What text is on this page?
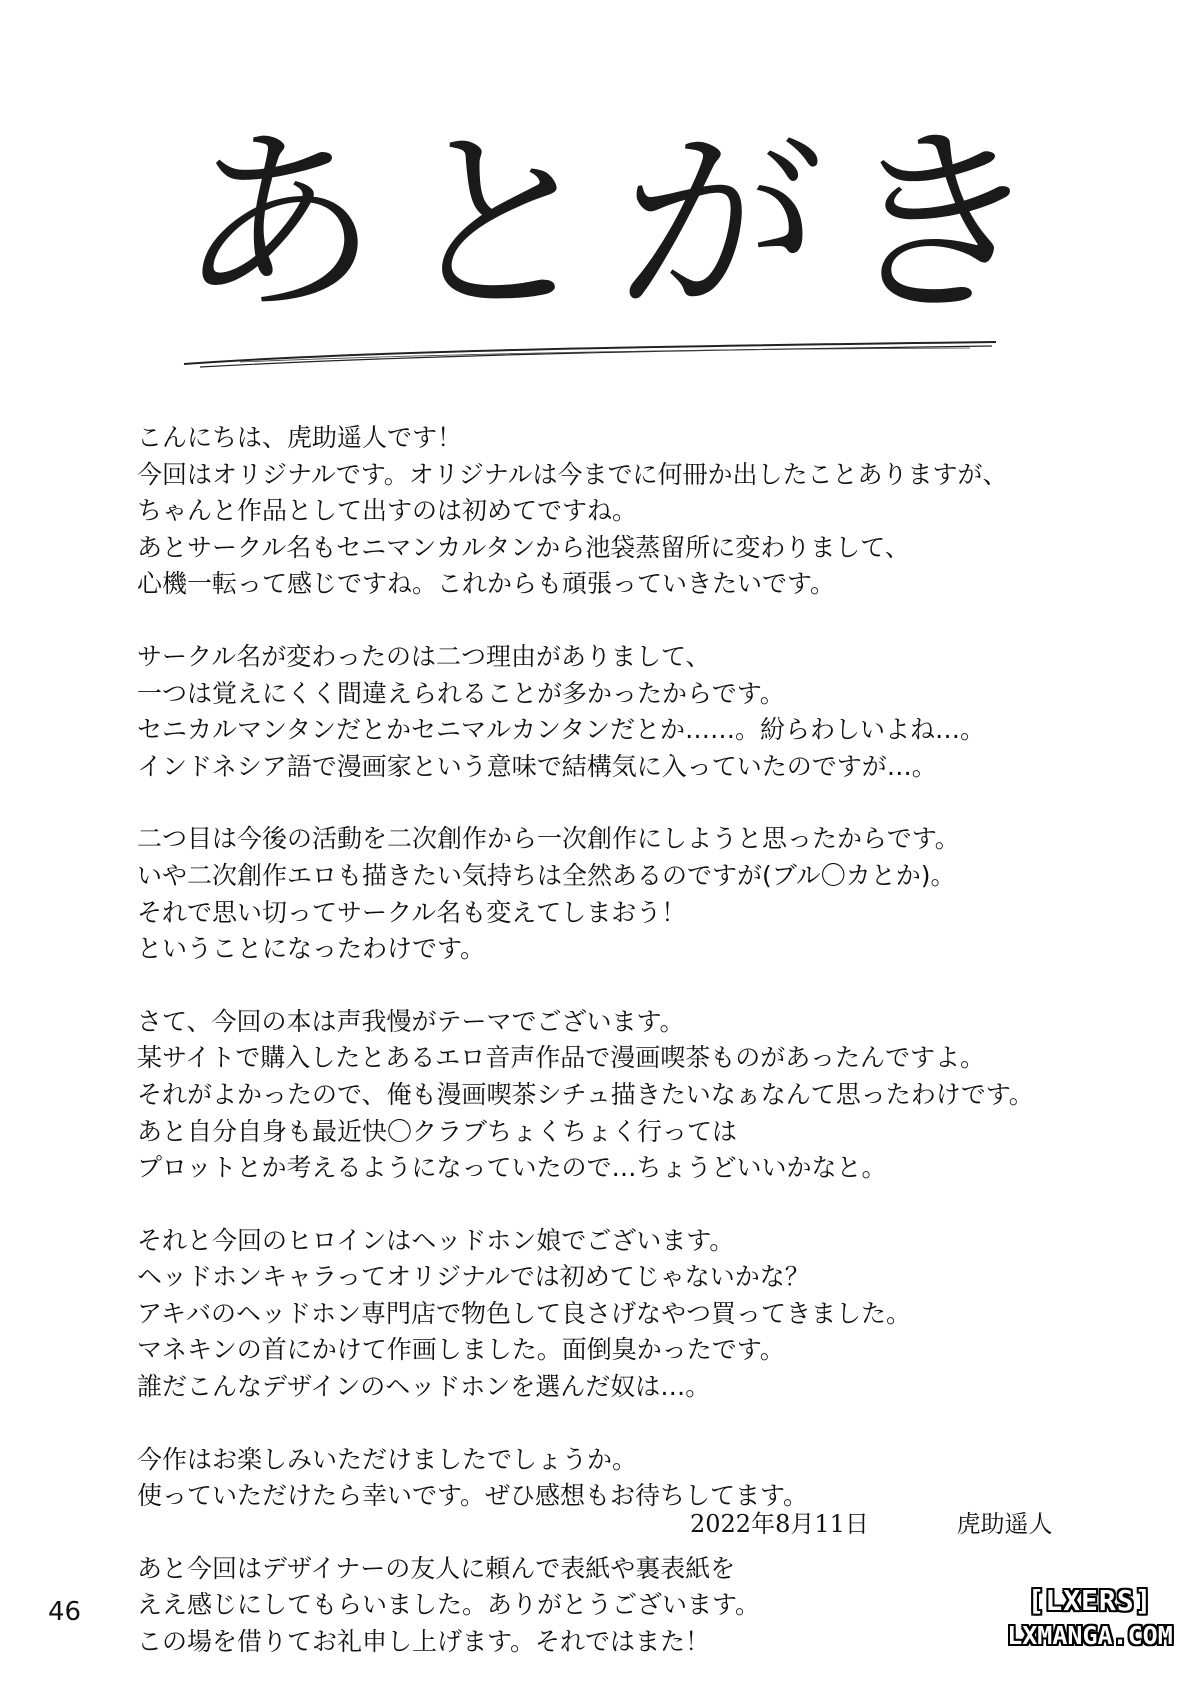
あとがき
こんにちは、虎助遥人です！
今回はオリジナルです。オリジナルは今までに何冊か出したことありますが、
ちゃんと作品として出すのは初めてですね。
あとサークル名もセニマンカルタンから池袋蒸留所に変わりまして、
心機一転って感じですね。これからも頑張っていきたいです。
サークル名が変わったのは二つ理由がありまして、
一つは覚えにくく間違えられることが多かったからです。
セニカルマンタンだとかセニマルカンタンだとか……。紛らわしいよね…。
インドネシア語で漫画家という意味で結構気に入っていたのですが…。
二つ目は今後の活動を二次創作から一次創作にしようと思ったからです。
いや二次創作エロも描きたい気持ちは全然あるのですが(ブル〇カとか)。
それで思い切ってサークル名も変えてしまおう！
ということになったわけです。
さて、今回の本は声我慢がテーマでございます。
某サイトで購入したとあるエロ音声作品で漫画喫茶ものがあったんですよ。
それがよかったので、俺も漫画喫茶シチュ描きたいなぁなんて思ったわけです。
あと自分自身も最近快〇クラブちょくちょく行っては
プロットとか考えるようになっていたので…ちょうどいいかなと。
それと今回のヒロインはヘッドホン娘でございます。
ヘッドホンキャラってオリジナルでは初めてじゃないかな？
アキバのヘッドホン専門店で物色して良さげなやつ買ってきました。
マネキンの首にかけて作画しました。面倒臭かったです。
誰だこんなデザインのヘッドホンを選んだ奴は…。
今作はお楽しみいただけましたでしょうか。
使っていただけたら幸いです。ぜひ感想もお待ちしてます。
あと今回はデザイナーの友人に頼んで表紙や裏表紙を
ええ感じにしてもらいました。ありがとうございます。
この場を借りてお礼申し上げます。それではまた！
2022年8月11日	虎助遥人
46	[LXERS]
LXMANGA.COM
